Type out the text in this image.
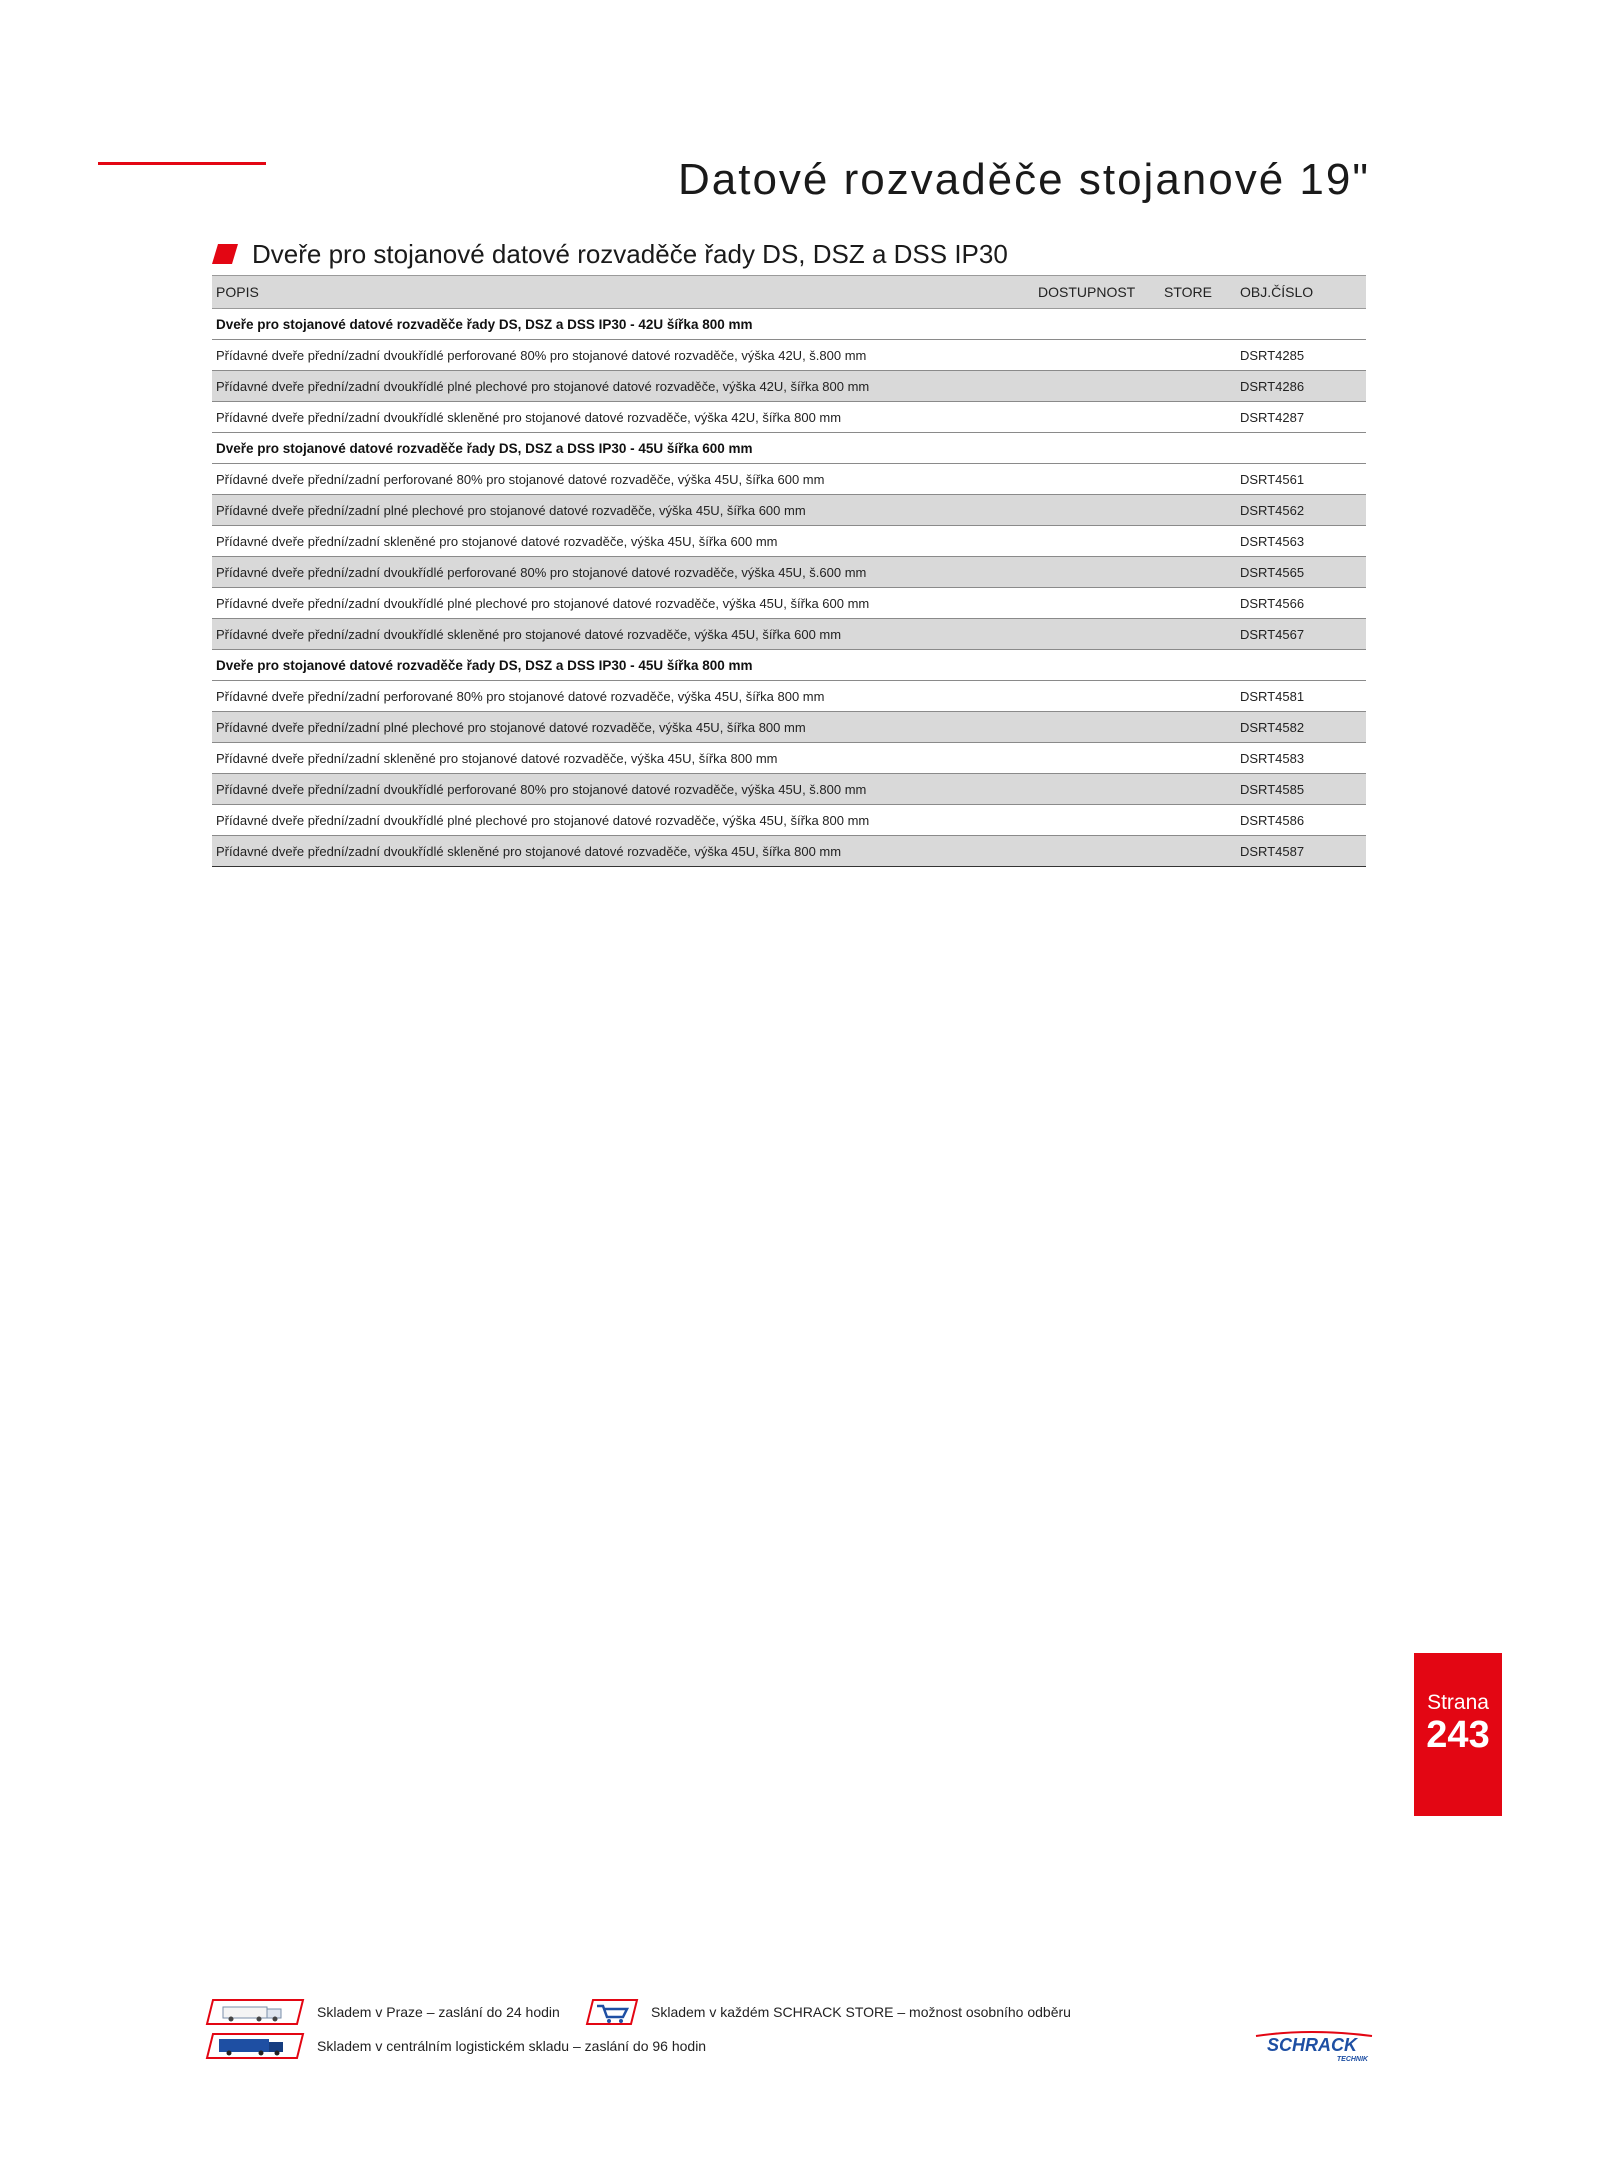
Datové rozvaděče stojanové 19"
Dveře pro stojanové datové rozvaděče řady DS, DSZ a DSS IP30
POPIS	DOSTUPNOST	STORE	OBJ.ČÍSLO
Dveře pro stojanové datové rozvaděče řady DS, DSZ a DSS IP30 - 42U šířka 800 mm			
Přídavné dveře přední/zadní dvoukřídlé perforované 80% pro stojanové datové rozvaděče, výška 42U, š.800 mm			DSRT4285
Přídavné dveře přední/zadní dvoukřídlé plné plechové pro stojanové datové rozvaděče, výška 42U, šířka 800 mm			DSRT4286
Přídavné dveře přední/zadní dvoukřídlé skleněné pro stojanové datové rozvaděče, výška 42U, šířka 800 mm			DSRT4287
Dveře pro stojanové datové rozvaděče řady DS, DSZ a DSS IP30 - 45U šířka 600 mm			
Přídavné dveře přední/zadní perforované 80% pro stojanové datové rozvaděče, výška 45U, šířka 600 mm			DSRT4561
Přídavné dveře přední/zadní plné plechové pro stojanové datové rozvaděče, výška 45U, šířka 600 mm			DSRT4562
Přídavné dveře přední/zadní skleněné pro stojanové datové rozvaděče, výška 45U, šířka 600 mm			DSRT4563
Přídavné dveře přední/zadní dvoukřídlé perforované 80% pro stojanové datové rozvaděče, výška 45U, š.600 mm			DSRT4565
Přídavné dveře přední/zadní dvoukřídlé plné plechové pro stojanové datové rozvaděče, výška 45U, šířka 600 mm			DSRT4566
Přídavné dveře přední/zadní dvoukřídlé skleněné pro stojanové datové rozvaděče, výška 45U, šířka 600 mm			DSRT4567
Dveře pro stojanové datové rozvaděče řady DS, DSZ a DSS IP30 - 45U šířka 800 mm			
Přídavné dveře přední/zadní perforované 80% pro stojanové datové rozvaděče, výška 45U, šířka 800 mm			DSRT4581
Přídavné dveře přední/zadní plné plechové pro stojanové datové rozvaděče, výška 45U, šířka 800 mm			DSRT4582
Přídavné dveře přední/zadní skleněné pro stojanové datové rozvaděče, výška 45U, šířka 800 mm			DSRT4583
Přídavné dveře přední/zadní dvoukřídlé perforované 80% pro stojanové datové rozvaděče, výška 45U, š.800 mm			DSRT4585
Přídavné dveře přední/zadní dvoukřídlé plné plechové pro stojanové datové rozvaděče, výška 45U, šířka 800 mm			DSRT4586
Přídavné dveře přední/zadní dvoukřídlé skleněné pro stojanové datové rozvaděče, výška 45U, šířka 800 mm			DSRT4587
Strana
243
Skladem v Praze – zaslání do 24 hodin	Skladem v každém SCHRACK STORE – možnost osobního odběru
Skladem v centrálním logistickém skladu – zaslání do 96 hodin	SCHRACK
TECHNIK
